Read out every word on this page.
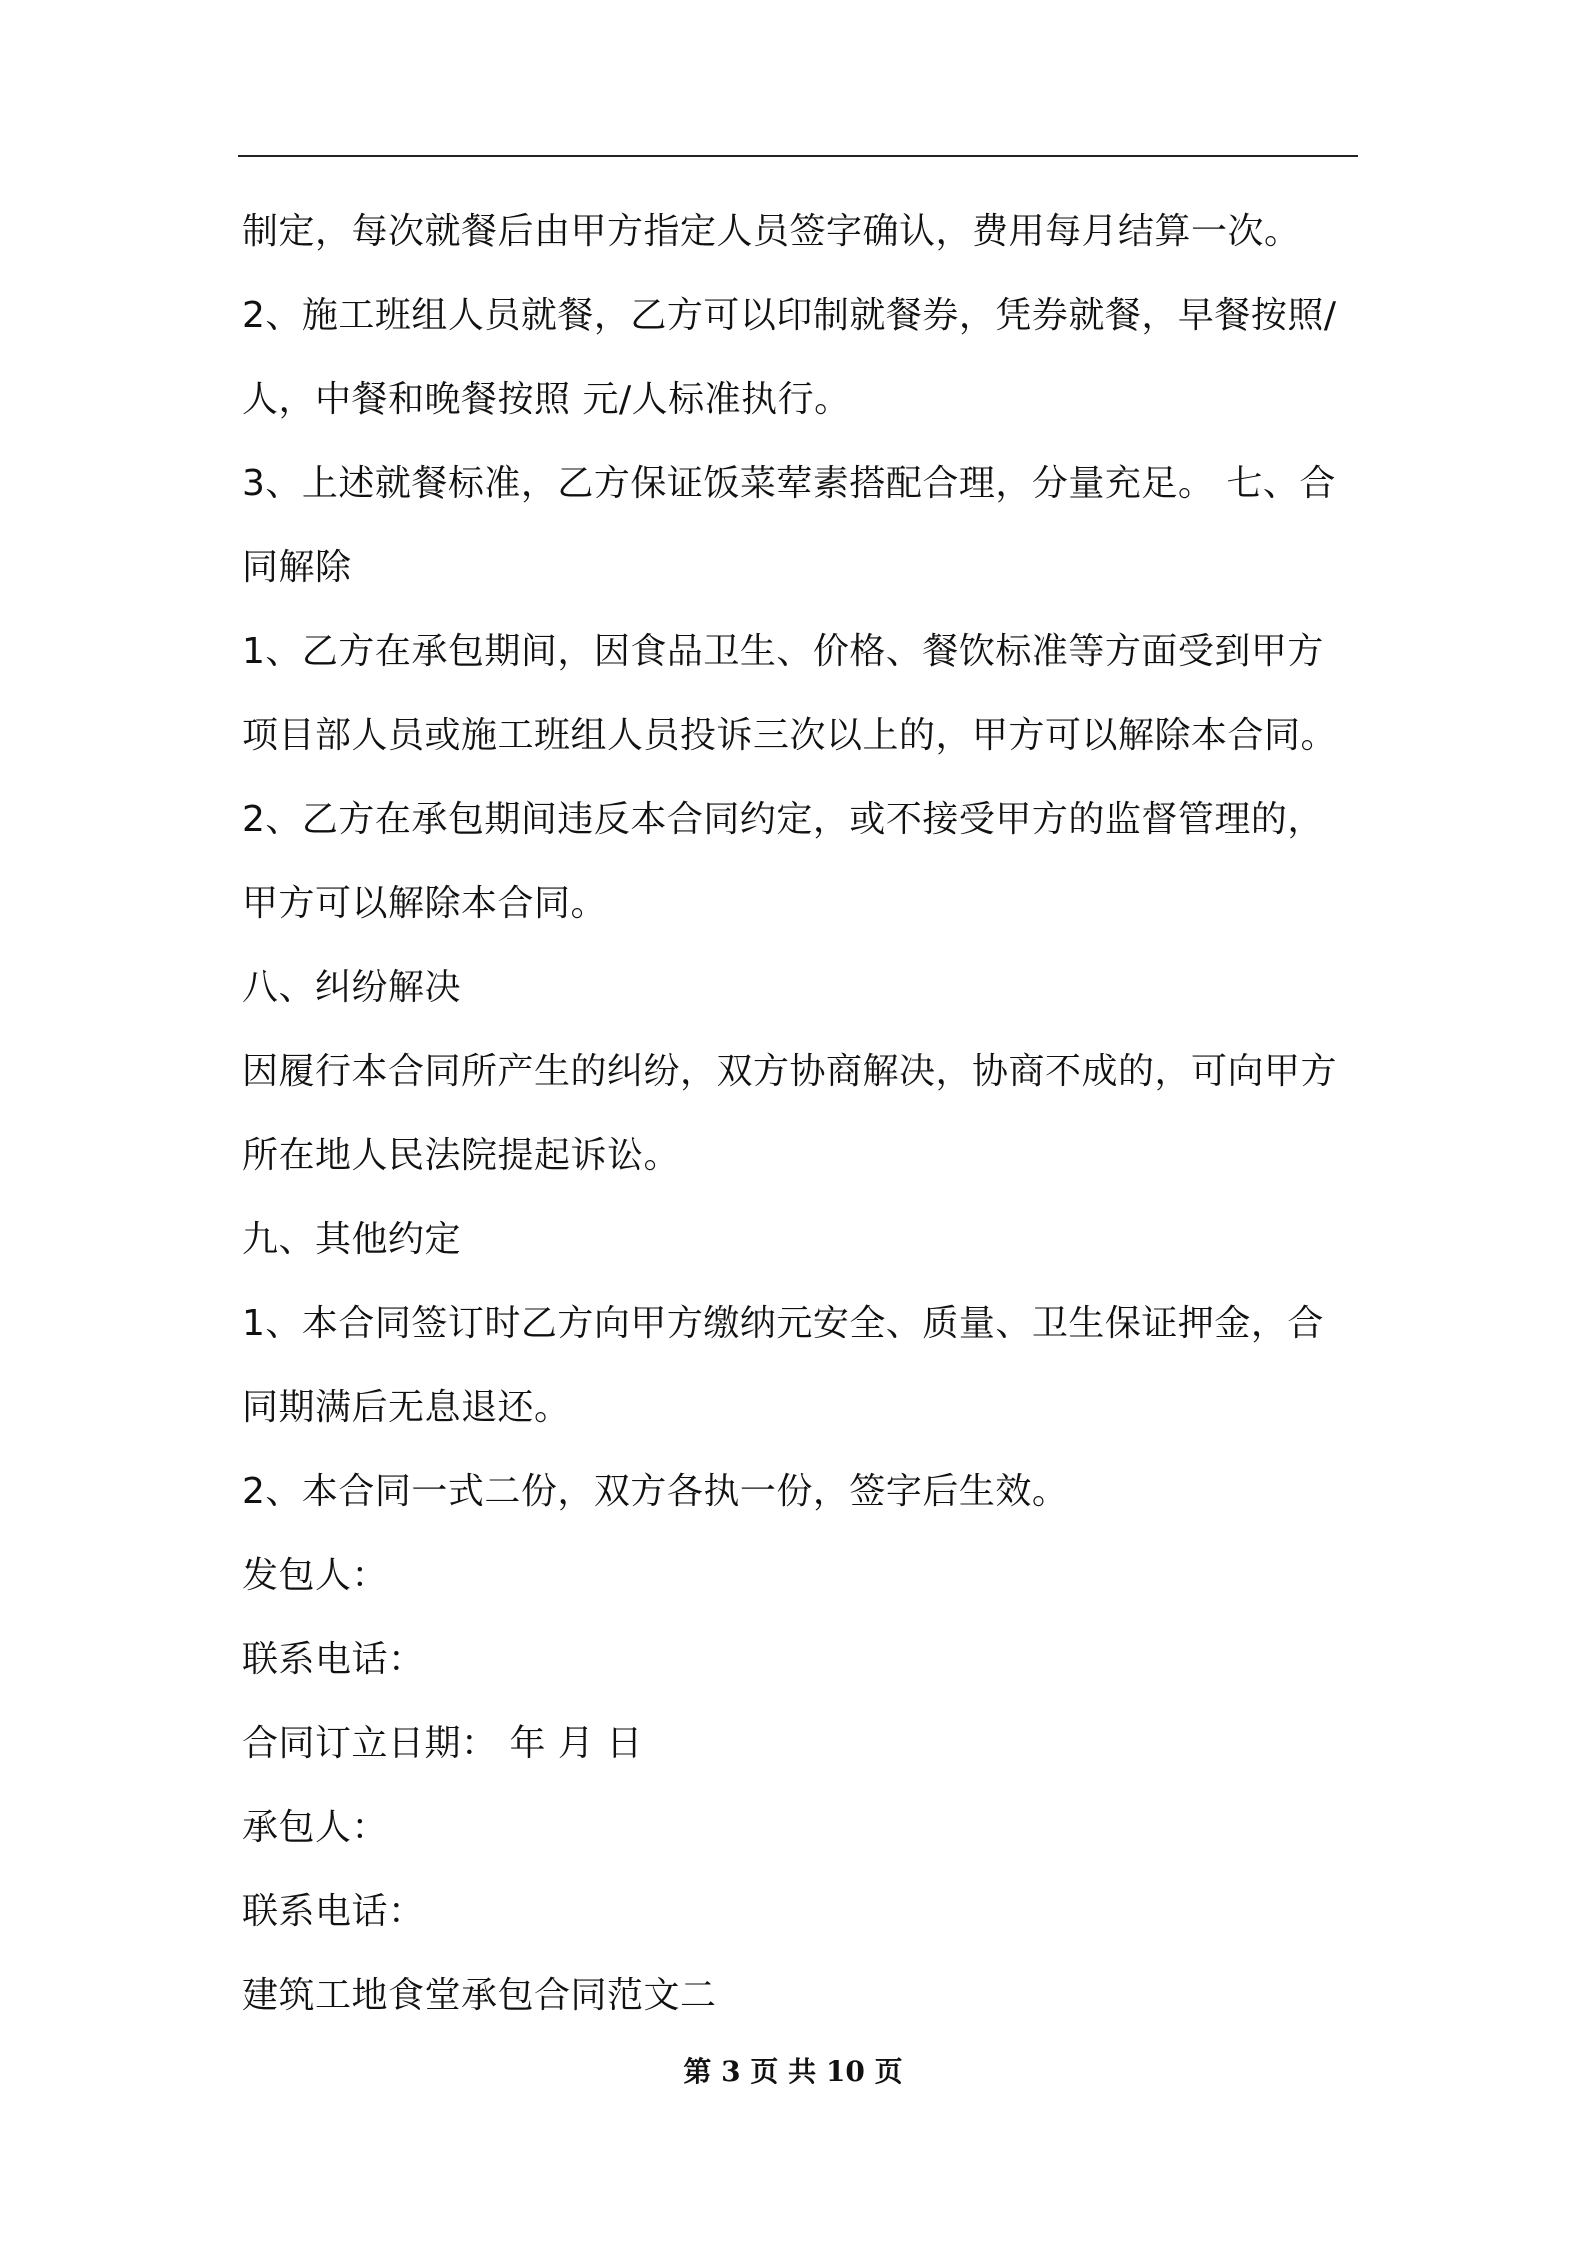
制定，每次就餐后由甲方指定人员签字确认，费用每月结算一次。
2、施工班组人员就餐，乙方可以印制就餐券，凭券就餐，早餐按照/
人，中餐和晚餐按照 元/人标准执行。
3、上述就餐标准，乙方保证饭菜荤素搭配合理，分量充足。 七、合
同解除
1、乙方在承包期间，因食品卫生、价格、餐饮标准等方面受到甲方
项目部人员或施工班组人员投诉三次以上的，甲方可以解除本合同。
2、乙方在承包期间违反本合同约定，或不接受甲方的监督管理的，
甲方可以解除本合同。
八、纠纷解决
因履行本合同所产生的纠纷，双方协商解决，协商不成的，可向甲方
所在地人民法院提起诉讼。
九、其他约定
1、本合同签订时乙方向甲方缴纳元安全、质量、卫生保证押金，合
同期满后无息退还。
2、本合同一式二份，双方各执一份，签字后生效。
发包人：
联系电话：
合同订立日期： 年 月 日
承包人：
联系电话：
建筑工地食堂承包合同范文二
第 3 页 共 10 页
